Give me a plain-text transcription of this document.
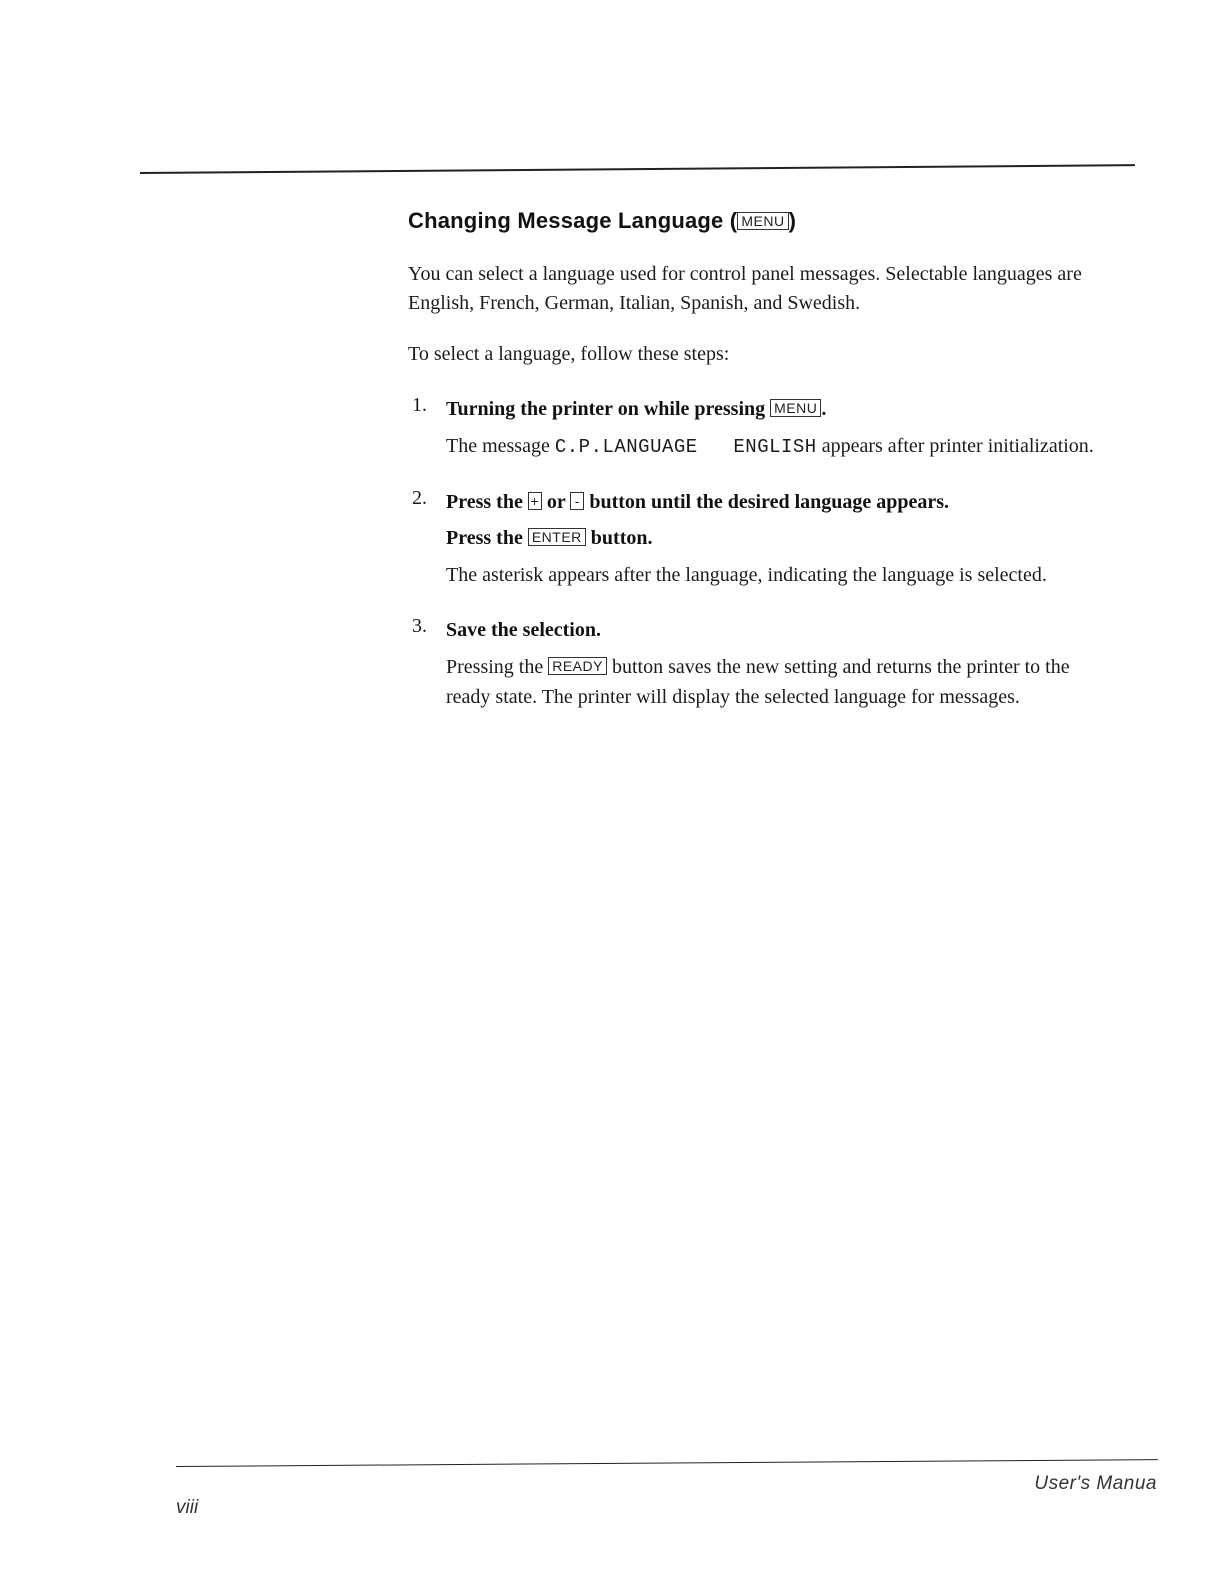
Changing Message Language ( MENU )

You can select a language used for control panel messages. Selectable languages are English, French, German, Italian, Spanish, and Swedish.

To select a language, follow these steps:

1. Turning the printer on while pressing MENU .
The message C.P.LANGUAGE   ENGLISH appears after printer initialization.
2. Press the + or - button until the desired language appears.
Press the ENTER button.
The asterisk appears after the language, indicating the language is selected.
3. Save the selection.
Pressing the READY button saves the new setting and returns the printer to the ready state. The printer will display the selected language for messages.
User's Manua
viii
